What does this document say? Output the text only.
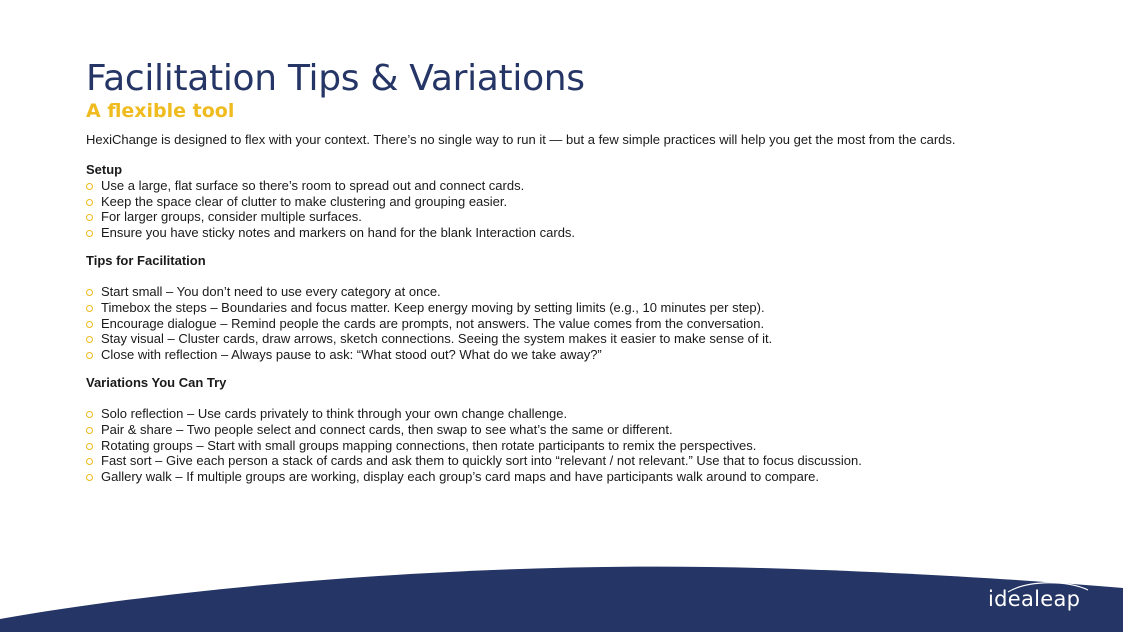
Facilitation Tips & Variations
A flexible tool
HexiChange is designed to flex with your context. There’s no single way to run it — but a few simple practices will help you get the most from the cards.
Setup
Use a large, flat surface so there’s room to spread out and connect cards.
Keep the space clear of clutter to make clustering and grouping easier.
For larger groups, consider multiple surfaces.
Ensure you have sticky notes and markers on hand for the blank Interaction cards.
Tips for Facilitation
Start small – You don’t need to use every category at once.
Timebox the steps – Boundaries and focus matter. Keep energy moving by setting limits (e.g., 10 minutes per step).
Encourage dialogue – Remind people the cards are prompts, not answers. The value comes from the conversation.
Stay visual – Cluster cards, draw arrows, sketch connections. Seeing the system makes it easier to make sense of it.
Close with reflection – Always pause to ask: “What stood out? What do we take away?”
Variations You Can Try
Solo reflection – Use cards privately to think through your own change challenge.
Pair & share – Two people select and connect cards, then swap to see what’s the same or different.
Rotating groups – Start with small groups mapping connections, then rotate participants to remix the perspectives.
Fast sort – Give each person a stack of cards and ask them to quickly sort into “relevant / not relevant.” Use that to focus discussion.
Gallery walk – If multiple groups are working, display each group’s card maps and have participants walk around to compare.
idealeap
